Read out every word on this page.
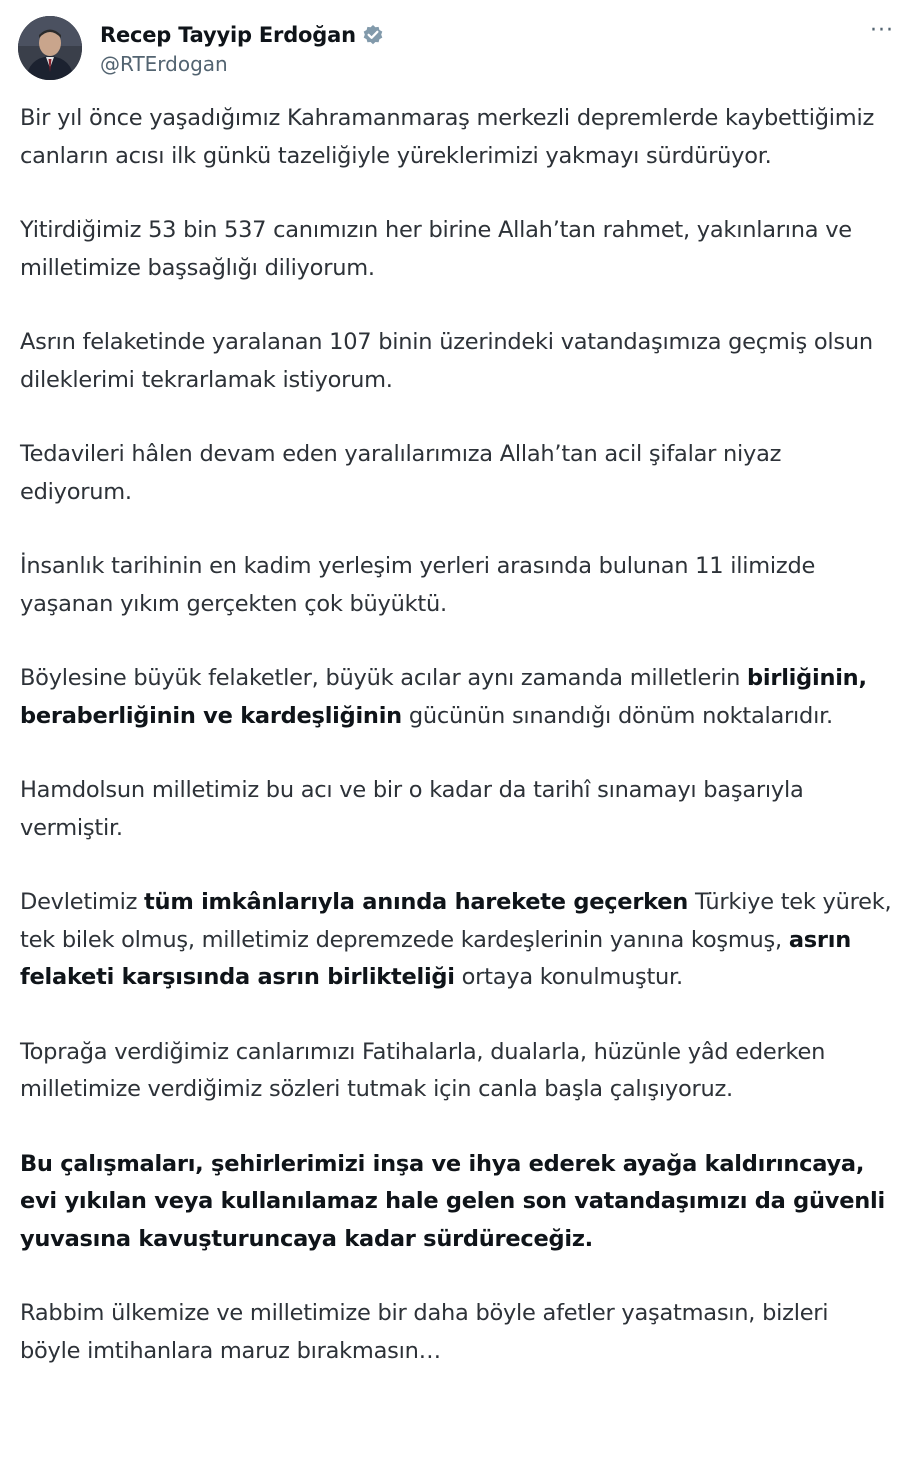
Recep Tayyip Erdoğan
@RTErdogan
···

Bir yıl önce yaşadığımız Kahramanmaraş merkezli depremlerde kaybettiğimiz canların acısı ilk günkü tazeliğiyle yüreklerimizi yakmayı sürdürüyor.

Yitirdiğimiz 53 bin 537 canımızın her birine Allah’tan rahmet, yakınlarına ve milletimize başsağlığı diliyorum.

Asrın felaketinde yaralanan 107 binin üzerindeki vatandaşımıza geçmiş olsun dileklerimi tekrarlamak istiyorum.

Tedavileri hâlen devam eden yaralılarımıza Allah’tan acil şifalar niyaz ediyorum.

İnsanlık tarihinin en kadim yerleşim yerleri arasında bulunan 11 ilimizde yaşanan yıkım gerçekten çok büyüktü.

Böylesine büyük felaketler, büyük acılar aynı zamanda milletlerin birliğinin, beraberliğinin ve kardeşliğinin gücünün sınandığı dönüm noktalarıdır.

Hamdolsun milletimiz bu acı ve bir o kadar da tarihî sınamayı başarıyla vermiştir.

Devletimiz tüm imkânlarıyla anında harekete geçerken Türkiye tek yürek, tek bilek olmuş, milletimiz depremzede kardeşlerinin yanına koşmuş, asrın felaketi karşısında asrın birlikteliği ortaya konulmuştur.

Toprağa verdiğimiz canlarımızı Fatihalarla, dualarla, hüzünle yâd ederken milletimize verdiğimiz sözleri tutmak için canla başla çalışıyoruz.

Bu çalışmaları, şehirlerimizi inşa ve ihya ederek ayağa kaldırıncaya, evi yıkılan veya kullanılamaz hale gelen son vatandaşımızı da güvenli yuvasına kavuşturuncaya kadar sürdüreceğiz.

Rabbim ülkemize ve milletimize bir daha böyle afetler yaşatmasın, bizleri böyle imtihanlara maruz bırakmasın…
